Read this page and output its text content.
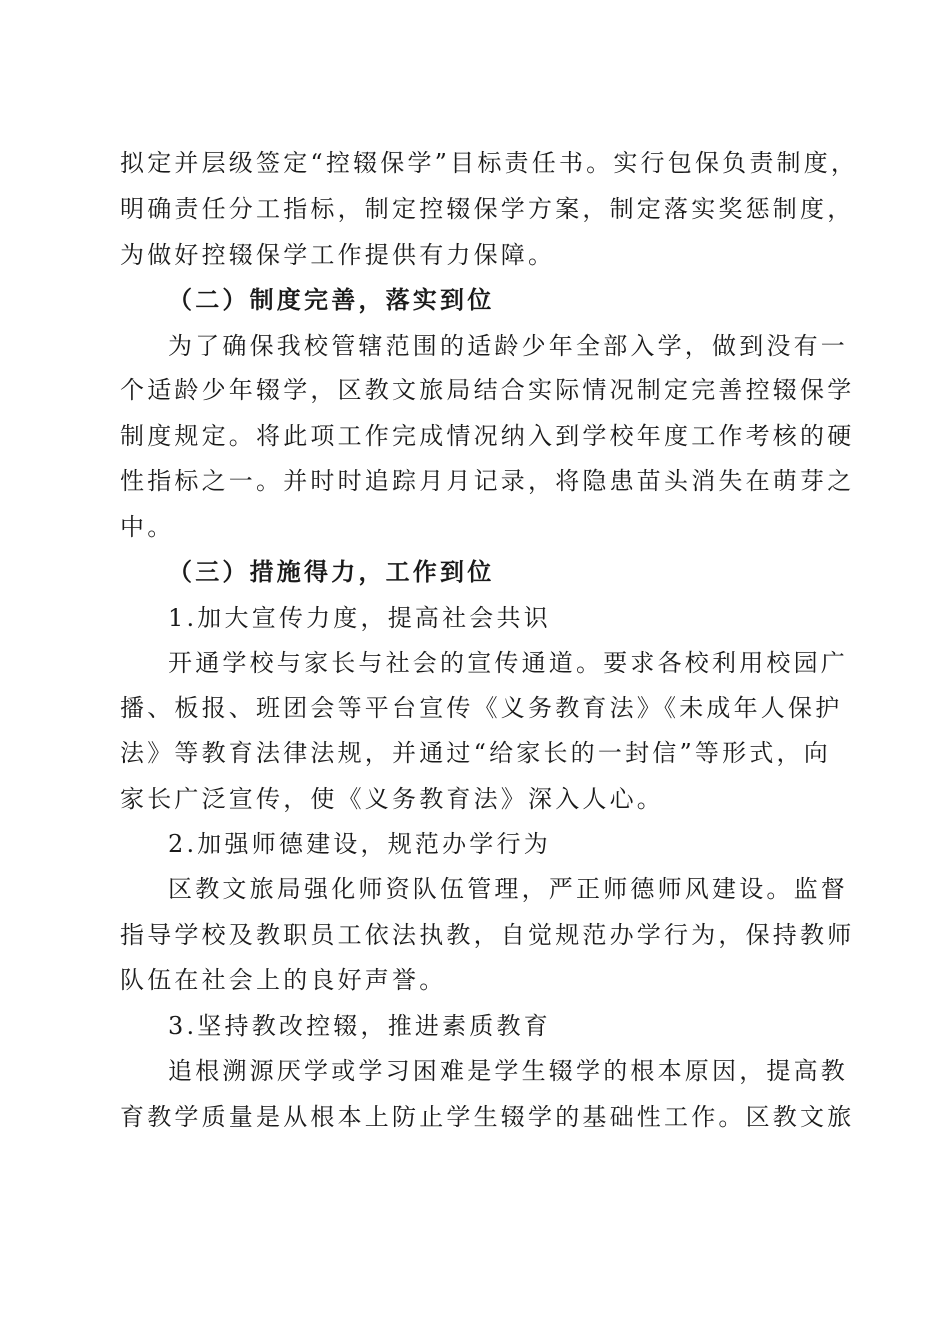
拟定并层级签定“控辍保学”目标责任书。实行包保负责制度，
明确责任分工指标，制定控辍保学方案，制定落实奖惩制度，
为做好控辍保学工作提供有力保障。
（二）制度完善，落实到位
为了确保我校管辖范围的适龄少年全部入学，做到没有一
个适龄少年辍学，区教文旅局结合实际情况制定完善控辍保学
制度规定。将此项工作完成情况纳入到学校年度工作考核的硬
性指标之一。并时时追踪月月记录，将隐患苗头消失在萌芽之
中。
（三）措施得力，工作到位
1.加大宣传力度，提高社会共识
开通学校与家长与社会的宣传通道。要求各校利用校园广
播、板报、班团会等平台宣传《义务教育法》《未成年人保护
法》等教育法律法规，并通过“给家长的一封信”等形式，向
家长广泛宣传，使《义务教育法》深入人心。
2.加强师德建设，规范办学行为
区教文旅局强化师资队伍管理，严正师德师风建设。监督
指导学校及教职员工依法执教，自觉规范办学行为，保持教师
队伍在社会上的良好声誉。
3.坚持教改控辍，推进素质教育
追根溯源厌学或学习困难是学生辍学的根本原因，提高教
育教学质量是从根本上防止学生辍学的基础性工作。区教文旅
